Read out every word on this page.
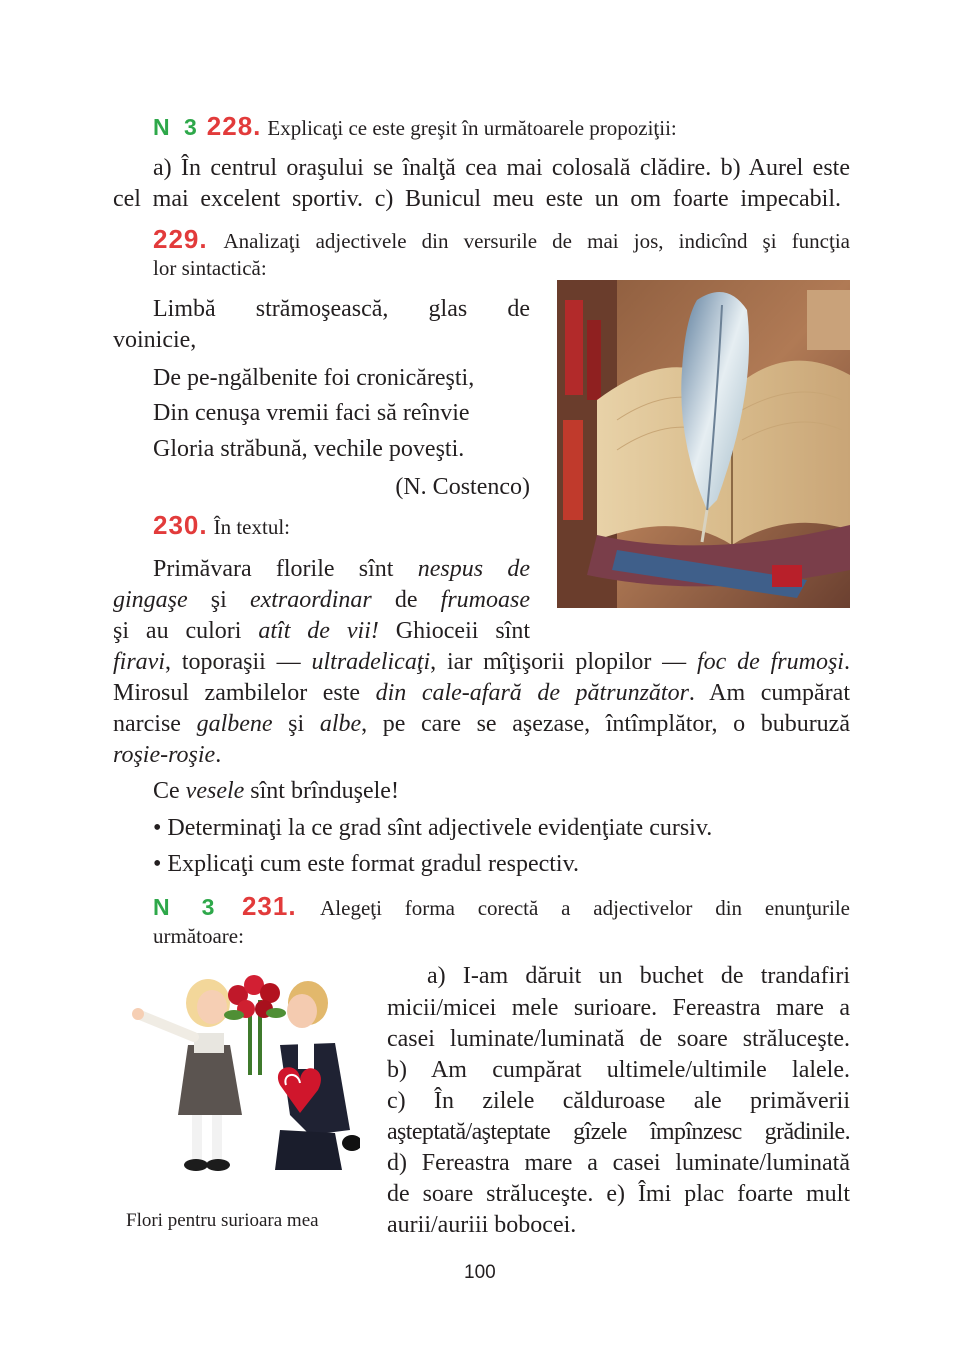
N 3 228. Explicaţi ce este greşit în următoarele propoziţii:
a) În centrul oraşului se înalţă cea mai colosală clădire. b) Aurel este
cel mai excelent sportiv. c) Bunicul meu este un om foarte impecabil.
229. Analizaţi adjectivele din versurile de mai jos, indicînd şi funcţia
lor sintactică:
Limbă strămoşească, glas de
voinicie,
De pe-ngălbenite foi cronicăreşti,
Din cenuşa vremii faci să reînvie
Gloria străbună, vechile poveşti.
(N. Costenco)
230. În textul:
Primăvara florile sînt nespus de
gingaşe şi extraordinar de frumoase
şi au culori atît de vii! Ghioceii sînt
firavi, toporaşii — ultradelicaţi, iar mîţişorii plopilor — foc de frumoşi.
Mirosul zambilelor este din cale-afară de pătrunzător. Am cumpărat
narcise galbene şi albe, pe care se aşezase, întîmplător, o buburuză
roşie-roşie.
Ce vesele sînt brînduşele!
• Determinaţi la ce grad sînt adjectivele evidenţiate cursiv.
• Explicaţi cum este format gradul respectiv.
N 3 231. Alegeţi forma corectă a adjectivelor din enunţurile
următoare:
Flori pentru surioara mea
a) I-am dăruit un buchet de trandafiri
micii/micei mele surioare. Fereastra mare a
casei luminate/luminată de soare străluceşte.
b) Am cumpărat ultimele/ultimile lalele.
c) În zilele călduroase ale primăverii
aşteptată/aşteptate gîzele împînzesc grădinile.
d) Fereastra mare a casei luminate/luminată
de soare străluceşte. e) Îmi plac foarte mult
aurii/auriii bobocei.
100
